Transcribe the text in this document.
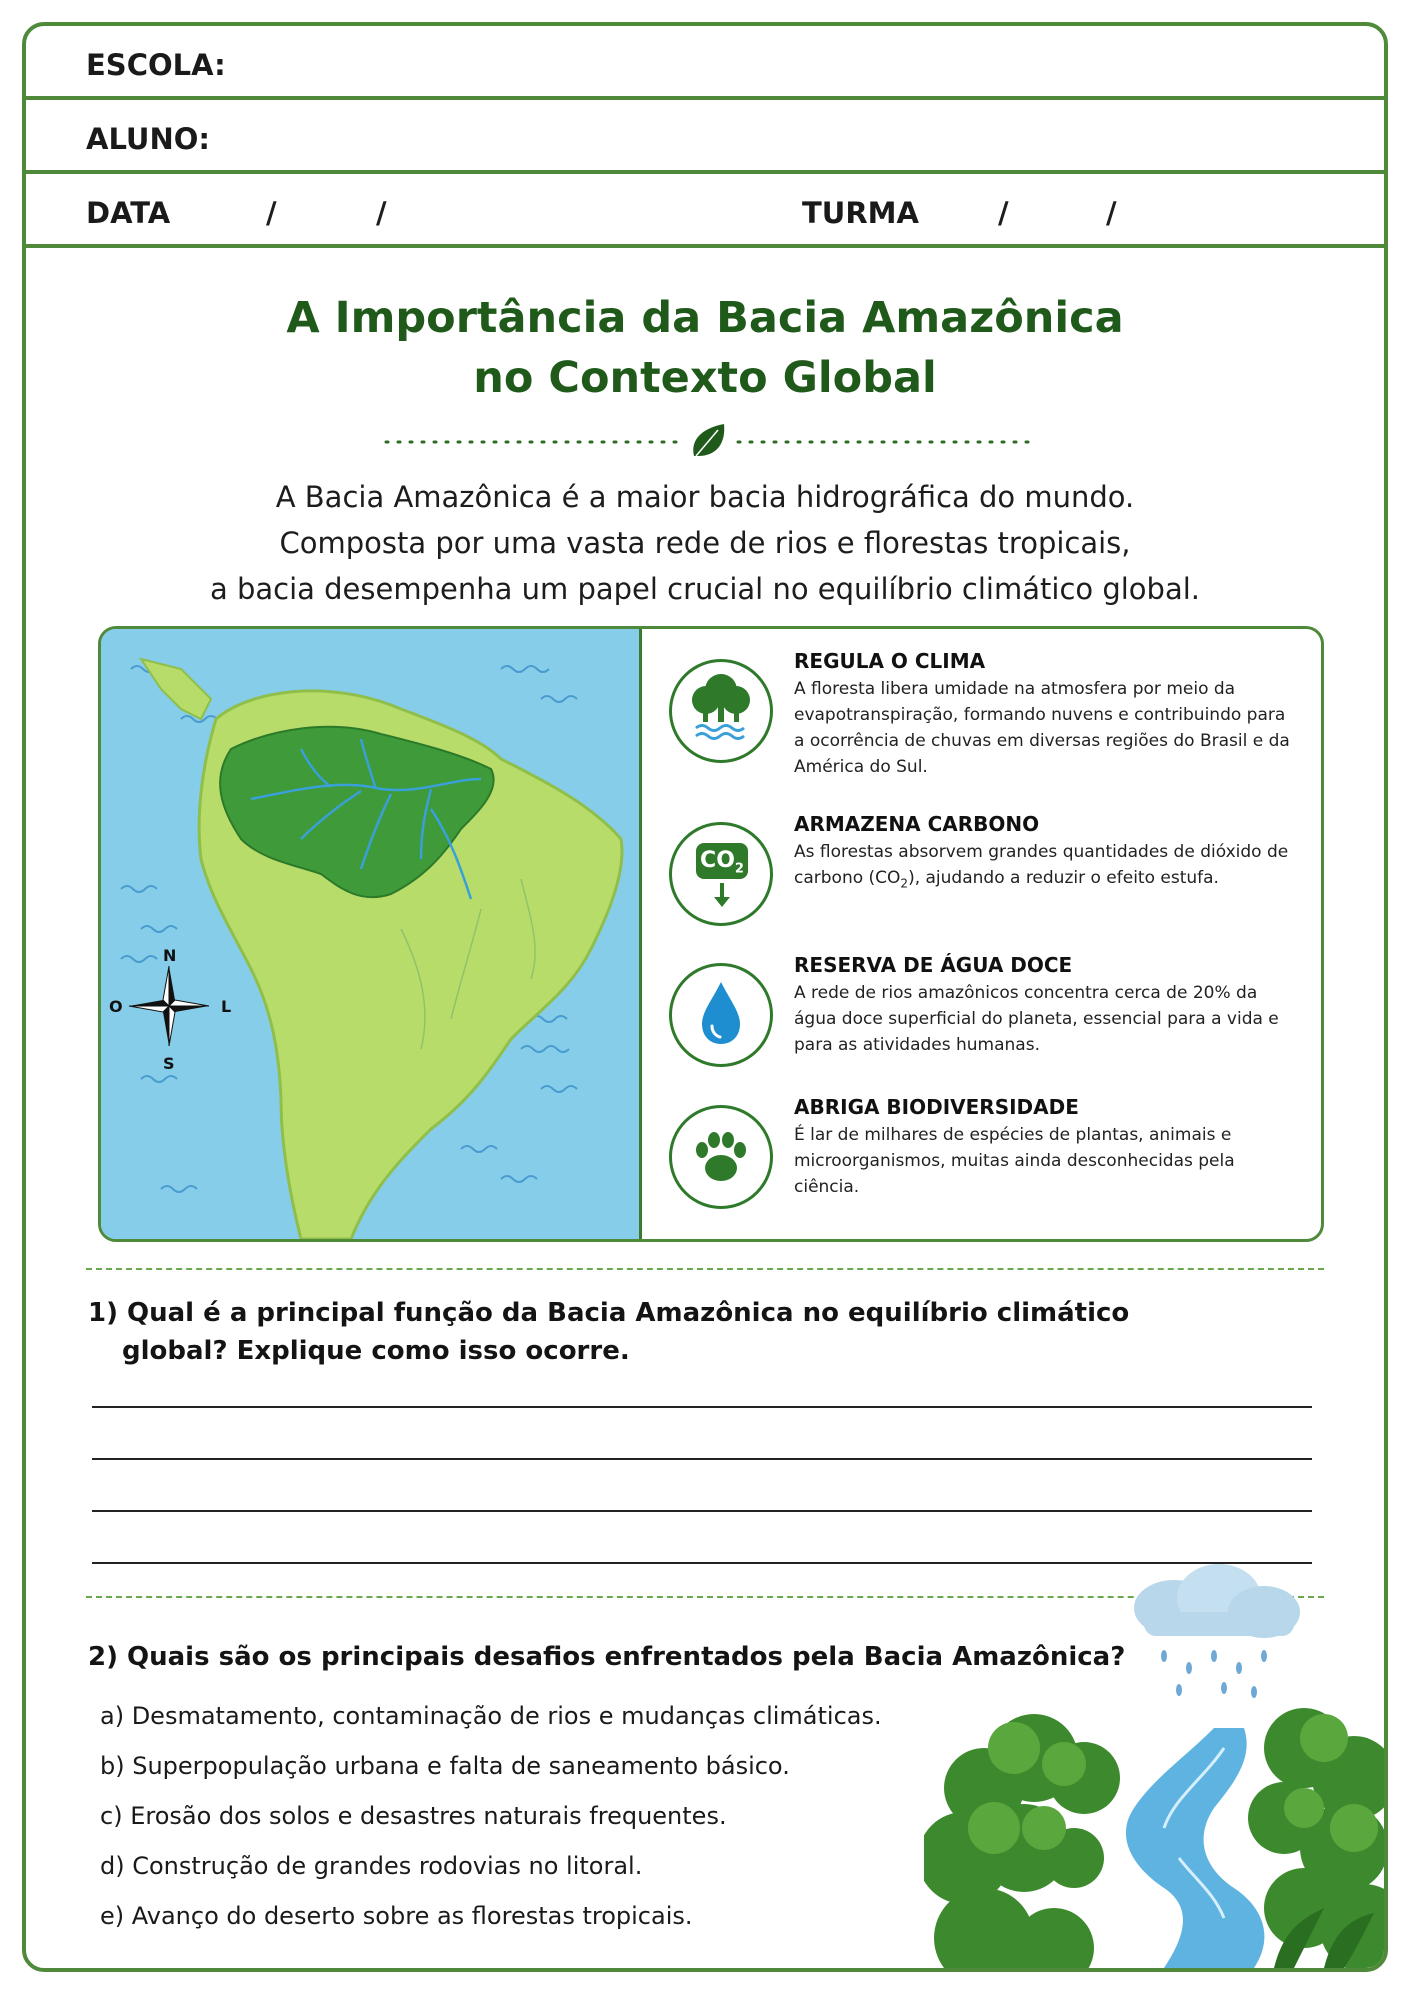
ESCOLA:
ALUNO:
DATA	/	/	TURMA	/	/
A Importância da Bacia Amazônica
no Contexto Global
A Bacia Amazônica é a maior bacia hidrográfica do mundo.
Composta por uma vasta rede de rios e florestas tropicais,
a bacia desempenha um papel crucial no equilíbrio climático global.
N
S
L
O
REGULA O CLIMA
A floresta libera umidade na atmosfera por meio da evapotranspiração, formando nuvens e contribuindo para a ocorrência de chuvas em diversas regiões do Brasil e da América do Sul.
$CO_2$
ARMAZENA CARBONO
As florestas absorvem grandes quantidades de dióxido de carbono $(CO_2)$, ajudando a reduzir o efeito estufa.
RESERVA DE ÁGUA DOCE
A rede de rios amazônicos concentra cerca de 20% da água doce superficial do planeta, essencial para a vida e para as atividades humanas.
ABRIGA BIODIVERSIDADE
É lar de milhares de espécies de plantas, animais e microorganismos, muitas ainda desconhecidas pela ciência.
1) Qual é a principal função da Bacia Amazônica no equilíbrio climático
global? Explique como isso ocorre.
2) Quais são os principais desafios enfrentados pela Bacia Amazônica?
a) Desmatamento, contaminação de rios e mudanças climáticas.
b) Superpopulação urbana e falta de saneamento básico.
c) Erosão dos solos e desastres naturais frequentes.
d) Construção de grandes rodovias no litoral.
e) Avanço do deserto sobre as florestas tropicais.
